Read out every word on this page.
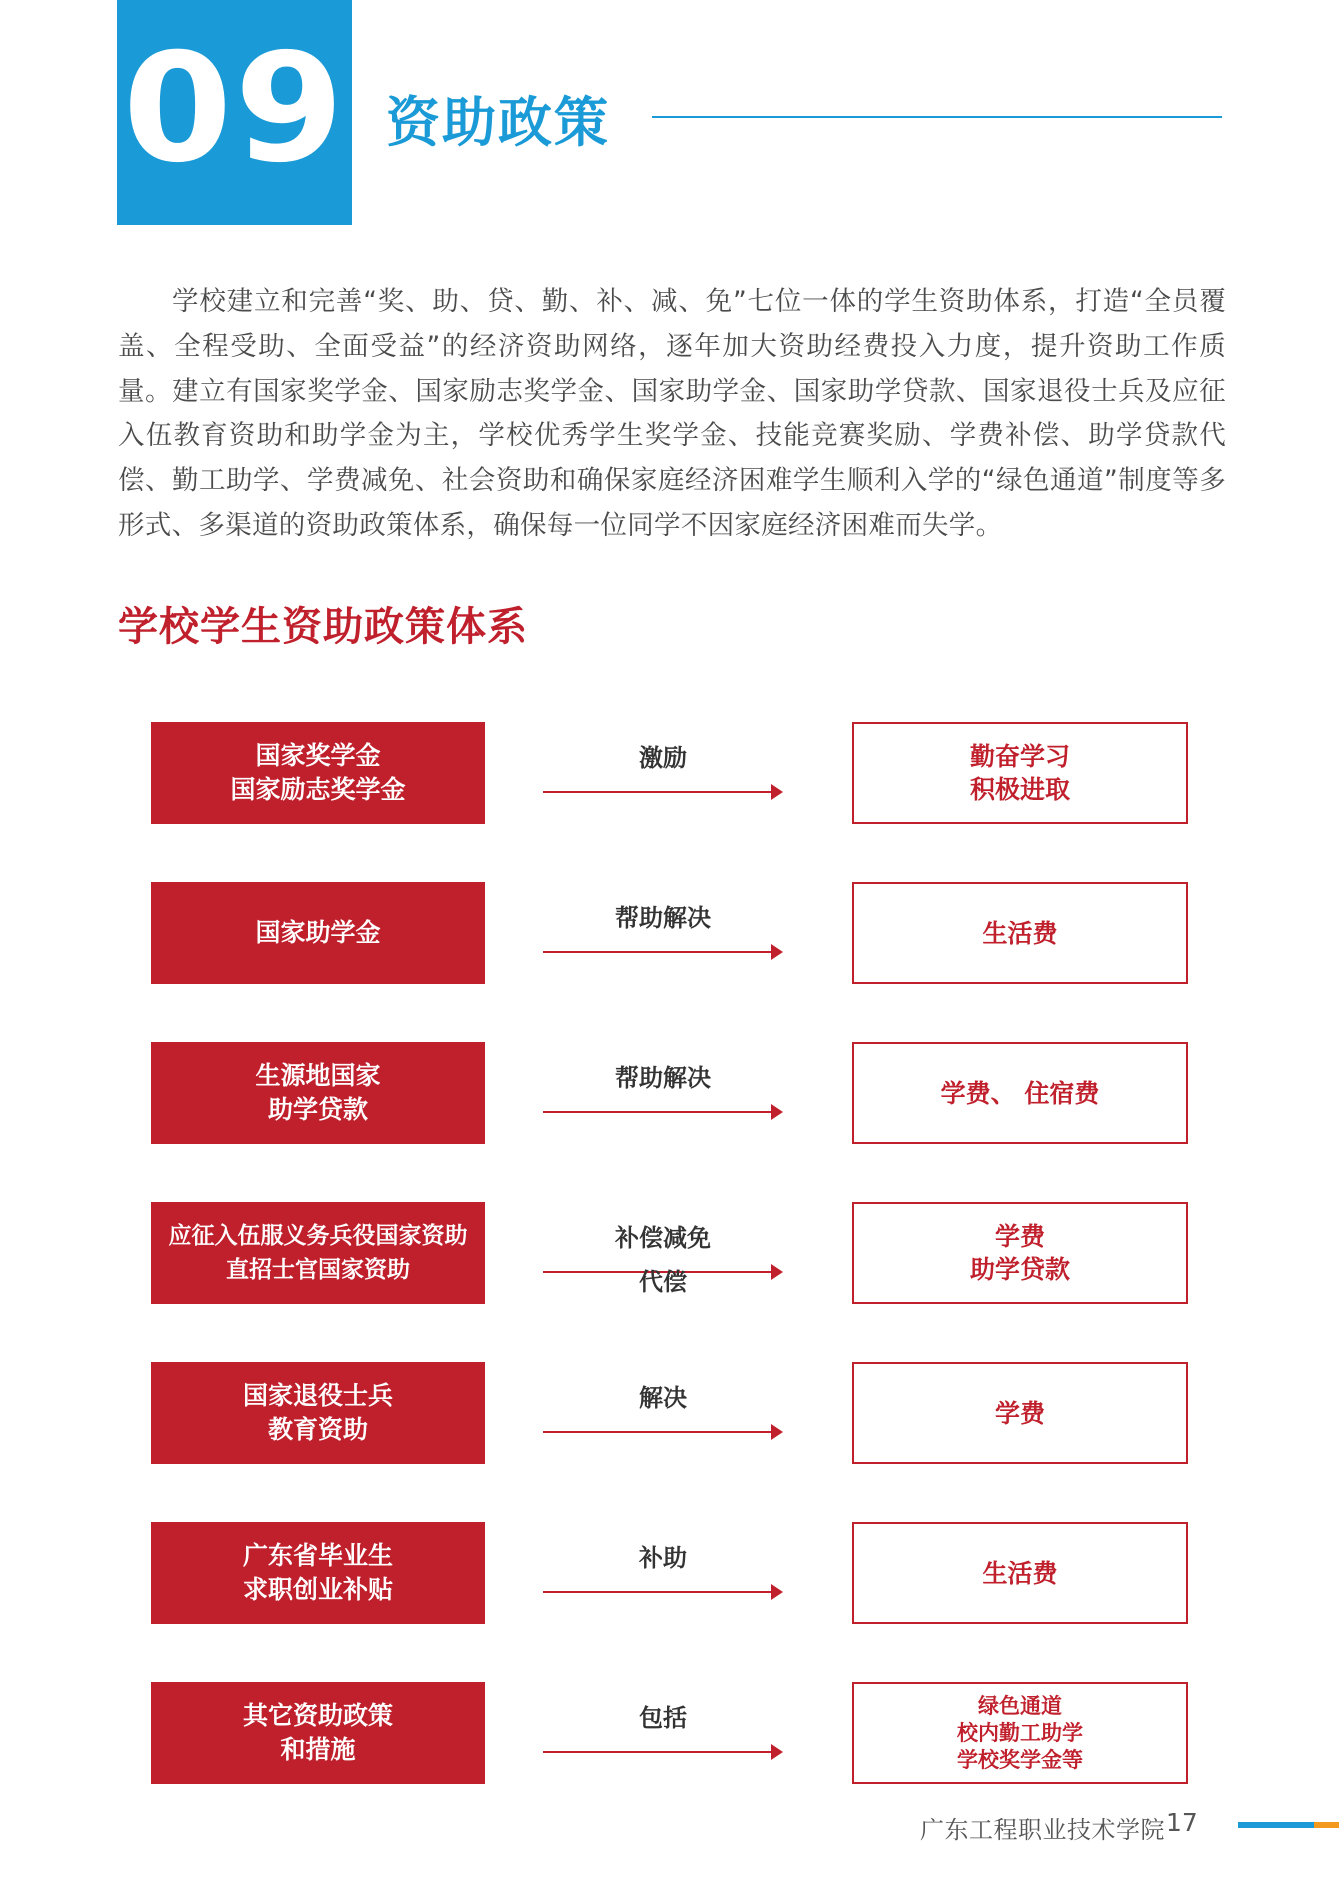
09 资助政策

学校建立和完善“奖、助、贷、勤、补、减、免”七位一体的学生资助体系，打造“全员覆盖、全程受助、全面受益”的经济资助网络，逐年加大资助经费投入力度，提升资助工作质量。建立有国家奖学金、国家励志奖学金、国家助学金、国家助学贷款、国家退役士兵及应征入伍教育资助和助学金为主，学校优秀学生奖学金、技能竞赛奖励、学费补偿、助学贷款代偿、勤工助学、学费减免、社会资助和确保家庭经济困难学生顺利入学的“绿色通道”制度等多形式、多渠道的资助政策体系，确保每一位同学不因家庭经济困难而失学。

学校学生资助政策体系
国家奖学金
国家励志奖学金
激励	勤奋学习
积极进取
国家助学金	帮助解决
生活费
生源地国家
助学贷款
帮助解决
学费、 住宿费
应征入伍服义务兵役国家资助
直招士官国家资助
补偿减免
代偿
学费
助学贷款
国家退役士兵
教育资助
解决
学费
广东省毕业生
求职创业补贴
补助
生活费
其它资助政策
和措施
包括	绿色通道
校内勤工助学
学校奖学金等
广东工程职业技术学院 17
